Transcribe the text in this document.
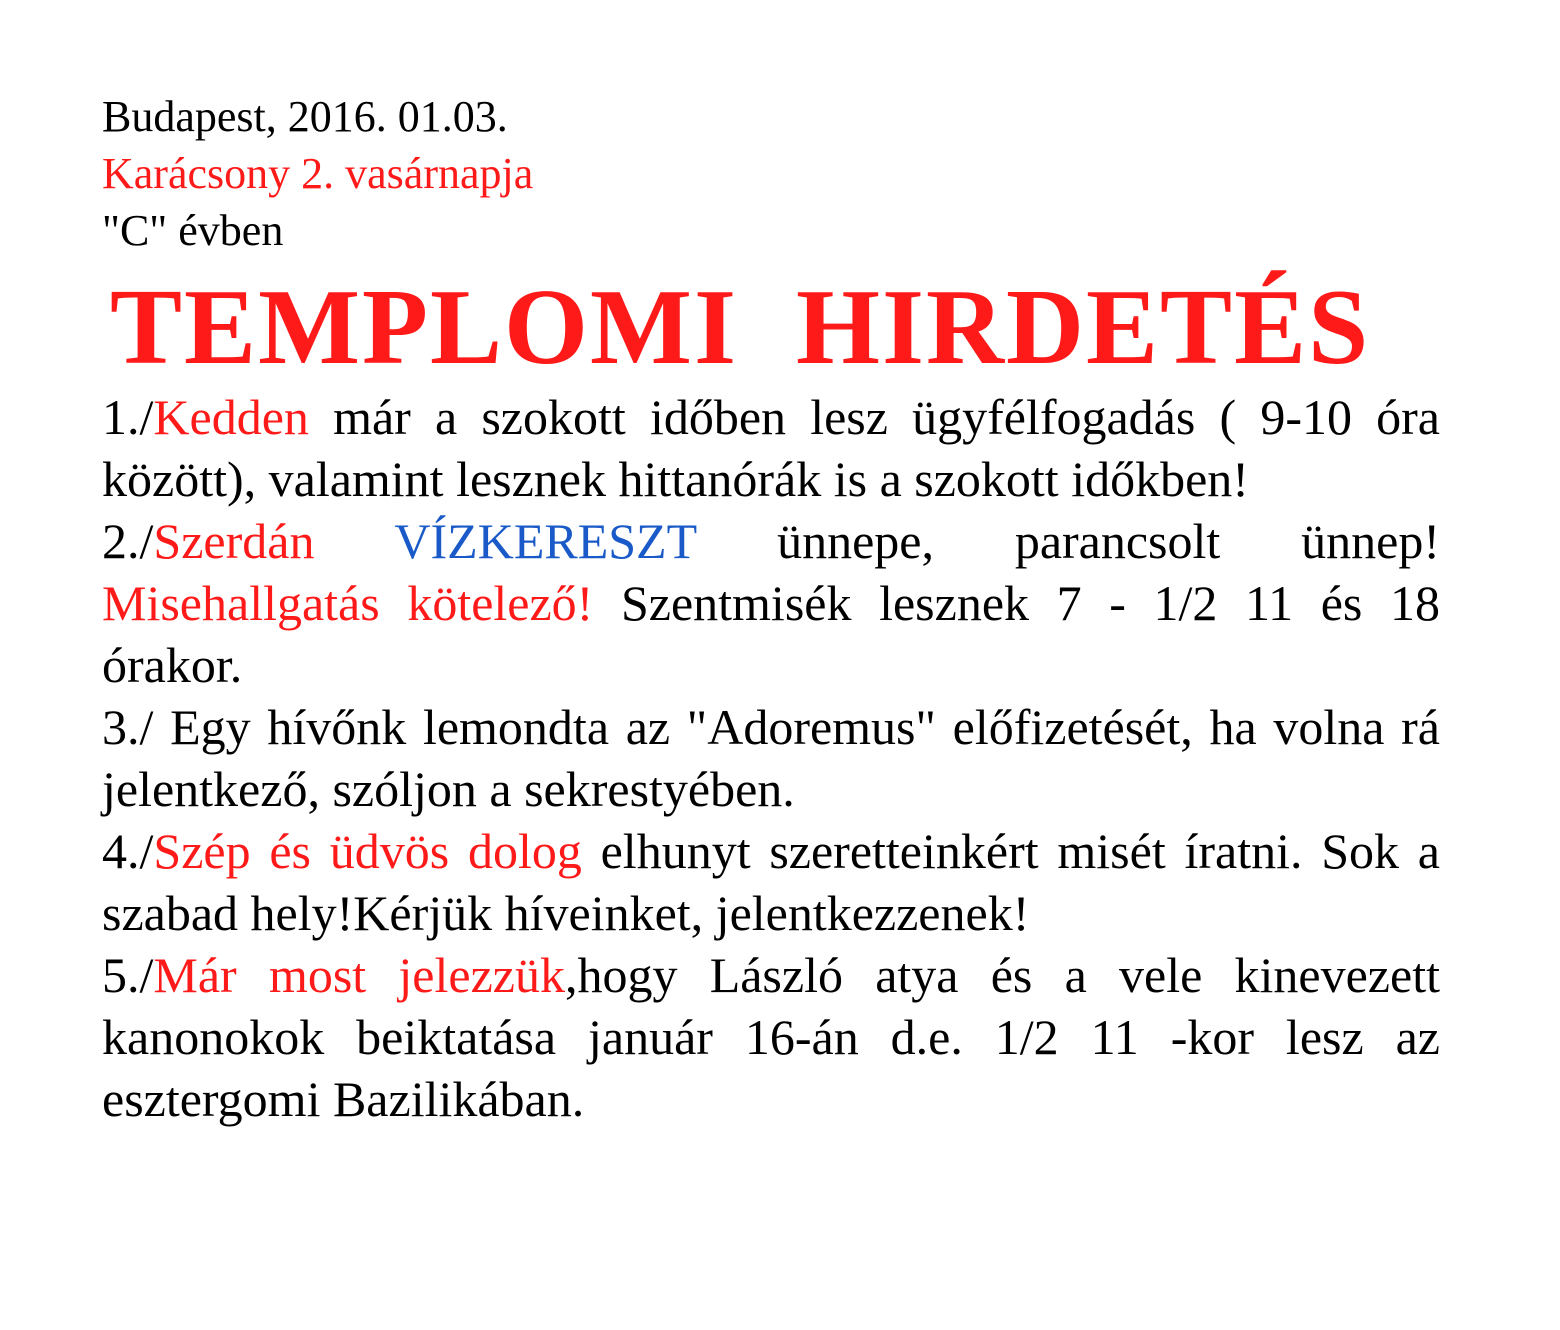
Budapest, 2016. 01.03.
Karácsony 2. vasárnapja
"C" évben
TEMPLOMI  HIRDETÉS
1./Kedden már a szokott időben lesz ügyfélfogadás ( 9-10 óra között), valamint lesznek hittanórák is a szokott időkben!
2./Szerdán VÍZKERESZT ünnepe, parancsolt ünnep! Misehallgatás kötelező! Szentmisék lesznek 7 - 1/2 11 és 18 órakor.
3./ Egy hívőnk lemondta az "Adoremus" előfizetését, ha volna rá jelentkező, szóljon a sekrestyében.
4./Szép és üdvös dolog elhunyt szeretteinkért misét íratni. Sok a szabad hely!Kérjük híveinket, jelentkezzenek!
5./Már most jelezzük,hogy László atya és a vele kinevezett kanonokok beiktatása január 16-án d.e. 1/2 11 -kor lesz az esztergomi Bazilikában.
